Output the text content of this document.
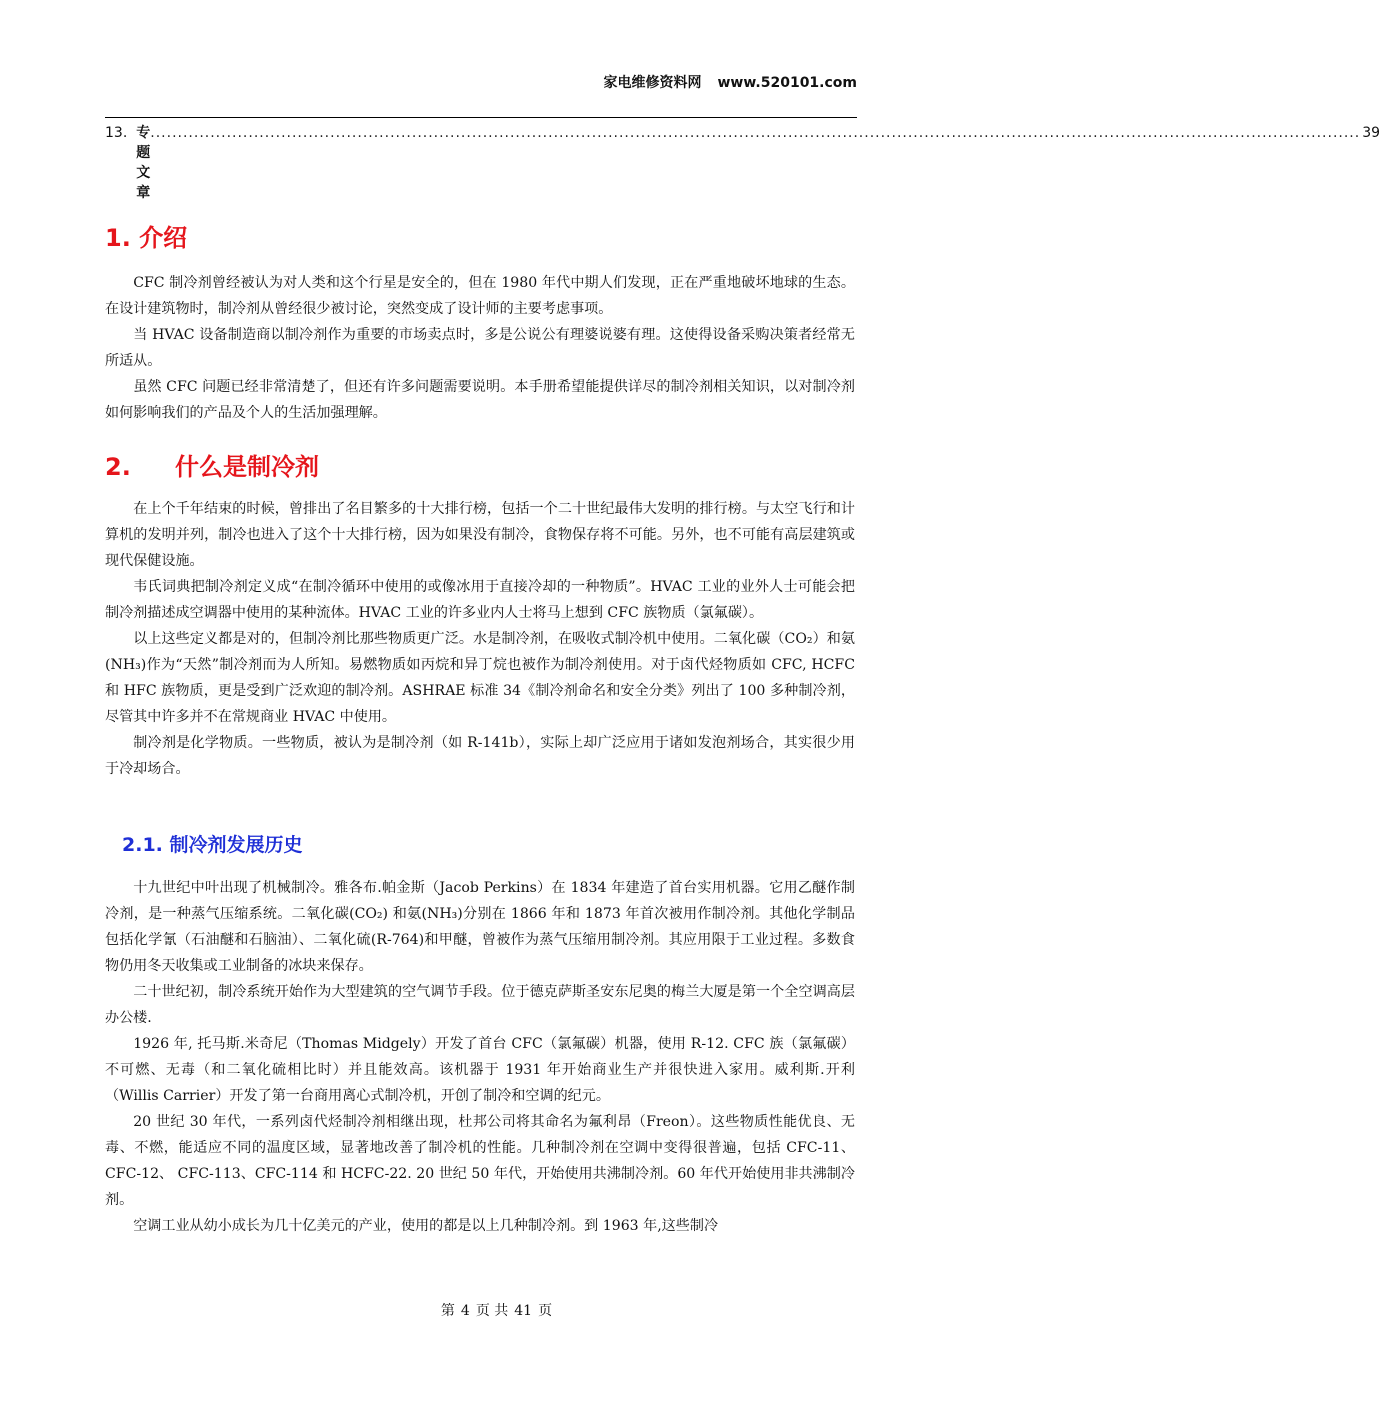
家电维修资料网 www.520101.com
13. 专题文章
.............................................................................................................................................................................................................................. 39
1. 介绍

CFC 制冷剂曾经被认为对人类和这个行星是安全的，但在 1980 年代中期人们发现，正在严重地破坏地球的生态。在设计建筑物时，制冷剂从曾经很少被讨论，突然变成了设计师的主要考虑事项。

当 HVAC 设备制造商以制冷剂作为重要的市场卖点时，多是公说公有理婆说婆有理。这使得设备采购决策者经常无所适从。

虽然 CFC 问题已经非常清楚了，但还有许多问题需要说明。本手册希望能提供详尽的制冷剂相关知识，以对制冷剂如何影响我们的产品及个人的生活加强理解。

2. 什么是制冷剂

在上个千年结束的时候，曾排出了名目繁多的十大排行榜，包括一个二十世纪最伟大发明的排行榜。与太空飞行和计算机的发明并列，制冷也进入了这个十大排行榜，因为如果没有制冷，食物保存将不可能。另外，也不可能有高层建筑或现代保健设施。

韦氏词典把制冷剂定义成“在制冷循环中使用的或像冰用于直接冷却的一种物质”。HVAC 工业的业外人士可能会把制冷剂描述成空调器中使用的某种流体。HVAC 工业的许多业内人士将马上想到 CFC 族物质（氯氟碳）。

以上这些定义都是对的，但制冷剂比那些物质更广泛。水是制冷剂，在吸收式制冷机中使用。二氧化碳（CO₂）和氨(NH₃)作为“天然”制冷剂而为人所知。易燃物质如丙烷和异丁烷也被作为制冷剂使用。对于卤代烃物质如 CFC, HCFC 和 HFC 族物质，更是受到广泛欢迎的制冷剂。ASHRAE 标准 34《制冷剂命名和安全分类》列出了 100 多种制冷剂，尽管其中许多并不在常规商业 HVAC 中使用。

制冷剂是化学物质。一些物质，被认为是制冷剂（如 R-141b），实际上却广泛应用于诸如发泡剂场合，其实很少用于冷却场合。

2.1. 制冷剂发展历史

十九世纪中叶出现了机械制冷。雅各布.帕金斯（Jacob Perkins）在 1834 年建造了首台实用机器。它用乙醚作制冷剂，是一种蒸气压缩系统。二氧化碳(CO₂) 和氨(NH₃)分别在 1866 年和 1873 年首次被用作制冷剂。其他化学制品包括化学氰（石油醚和石脑油）、二氧化硫(R-764)和甲醚，曾被作为蒸气压缩用制冷剂。其应用限于工业过程。多数食物仍用冬天收集或工业制备的冰块来保存。

二十世纪初，制冷系统开始作为大型建筑的空气调节手段。位于德克萨斯圣安东尼奥的梅兰大厦是第一个全空调高层办公楼.

1926 年, 托马斯.米奇尼（Thomas Midgely）开发了首台 CFC（氯氟碳）机器，使用 R-12. CFC 族（氯氟碳）不可燃、无毒（和二氧化硫相比时）并且能效高。该机器于 1931 年开始商业生产并很快进入家用。威利斯.开利（Willis Carrier）开发了第一台商用离心式制冷机，开创了制冷和空调的纪元。

20 世纪 30 年代，一系列卤代烃制冷剂相继出现，杜邦公司将其命名为氟利昂（Freon）。这些物质性能优良、无毒、不燃，能适应不同的温度区域，显著地改善了制冷机的性能。几种制冷剂在空调中变得很普遍，包括 CFC-11、CFC-12、 CFC-113、CFC-114 和 HCFC-22. 20 世纪 50 年代，开始使用共沸制冷剂。60 年代开始使用非共沸制冷剂。

空调工业从幼小成长为几十亿美元的产业，使用的都是以上几种制冷剂。到 1963 年,这些制冷

第 4 页 共 41 页
